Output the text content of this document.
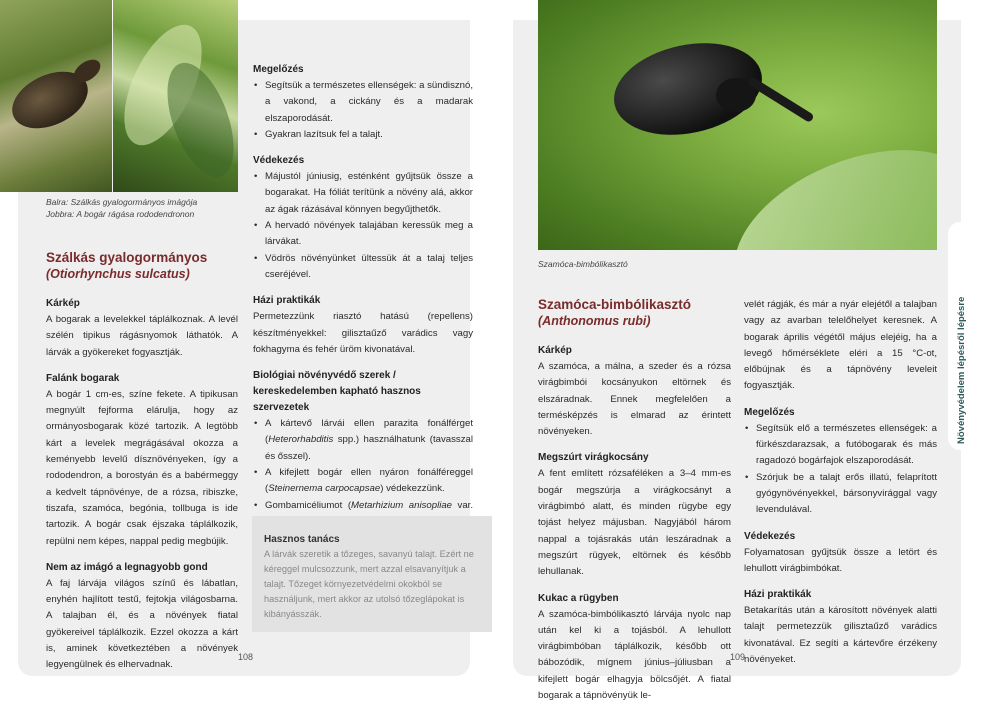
Balra: Szálkás gyalogormányos imágója
Jobbra: A bogár rágása rododendronon
Szálkás gyalogormányos
(Otiorhynchus sulcatus)
Kárkép

A bogarak a levelekkel táplálkoznak. A levél szélén tipikus rágásnyomok láthatók. A lárvák a gyökereket fogyasztják.

Falánk bogarak

A bogár 1 cm-es, színe fekete. A tipikusan megnyúlt fejforma elárulja, hogy az ormányosbogarak közé tartozik. A legtöbb kárt a levelek megrágásával okozza a keményebb levelű dísznövényeken, így a rododendron, a borostyán és a babérmeggy a kedvelt tápnövénye, de a rózsa, ribiszke, tiszafa, szamóca, begónia, tollbuga is ide tartozik. A bogár csak éjszaka táplálkozik, repülni nem képes, nappal pedig megbújik.

Nem az imágó a legnagyobb gond

A faj lárvája világos színű és lábatlan, enyhén hajlított testű, fejtokja világosbarna. A talajban él, és a növények fiatal gyökereivel táplálkozik. Ezzel okozza a kárt is, aminek következtében a növények legyengülnek és elhervadnak.

Megelőzés
• Segítsük a természetes ellenségek: a sündisznó, a vakond, a cickány és a madarak elszaporodását.
• Gyakran lazítsuk fel a talajt.
Védekezés
• Májustól júniusig, esténként gyűjtsük össze a bogarakat. Ha fóliát terítünk a növény alá, akkor az ágak rázásával könnyen begyűjthetők.
• A hervadó növények talajában keressük meg a lárvákat.
• Vödrös növényünket ültessük át a talaj teljes cseréjével.
Házi praktikák

Permetezzünk riasztó hatású (repellens) készítményekkel: gilisztaűző varádics vagy fokhagyma és fehér üröm kivonatával.

Biológiai növényvédő szerek /
kereskedelemben kapható hasznos szervezetek
• A kártevő lárvái ellen parazita fonálférget (Heterorhabditis spp.) használhatunk (tavasszal és ősszel).
• A kifejlett bogár ellen nyáron fonálféreggel (Steinernema carpocapsae) védekezzünk.
• Gombamicéliumot (Metarhizium anisopliae var.
Hasznos tanács

A lárvák szeretik a tőzeges, savanyú talajt. Ezért ne kéreggel mulcsozzunk, mert azzal elsavanyítjuk a talajt. Tőzeget környezetvédelmi okokból se használjunk, mert akkor az utolsó tőzeglápokat is kibányásszák.

108
Szamóca-bimbólikasztó
Szamóca-bimbólikasztó
(Anthonomus rubi)
Kárkép

A szamóca, a málna, a szeder és a rózsa virágbimbói kocsányukon eltörnek és elszáradnak. Ennek megfelelően a termésképzés is elmarad az érintett növényeken.

Megszúrt virágkocsány

A fent említett rózsaféléken a 3–4 mm-es bogár megszúrja a virágkocsányt a virágbimbó alatt, és minden rügybe egy tojást helyez májusban. Nagyjából három nappal a tojásrakás után leszáradnak a megszúrt rügyek, eltörnek és később lehullanak.

Kukac a rügyben

A szamóca-bimbólikasztó lárvája nyolc nap után kel ki a tojásból. A lehullott virágbimbóban táplálkozik, később ott bábozódik, mígnem június–júliusban a kifejlett bogár elhagyja bölcsőjét. A fiatal bogarak a tápnövényük le-

velét rágják, és már a nyár elejétől a talajban vagy az avarban telelőhelyet keresnek. A bogarak április végétől május elejéig, ha a levegő hőmérséklete eléri a 15 °C-ot, előbújnak és a tápnövény leveleit fogyasztják.

Megelőzés
• Segítsük elő a természetes ellenségek: a fürkészdarazsak, a futóbogarak és más ragadozó bogárfajok elszaporodását.
• Szórjuk be a talajt erős illatú, felaprított gyógynövényekkel, bársonyvirággal vagy levendulával.
Védekezés

Folyamatosan gyűjtsük össze a letört és lehullott virágbimbókat.

Házi praktikák

Betakarítás után a károsított növények alatti talajt permetezzük gilisztaűző varádics kivonatával. Ez segíti a kártevőre érzékeny növényeket.

109
Növényvédelem lépésről lépésre
